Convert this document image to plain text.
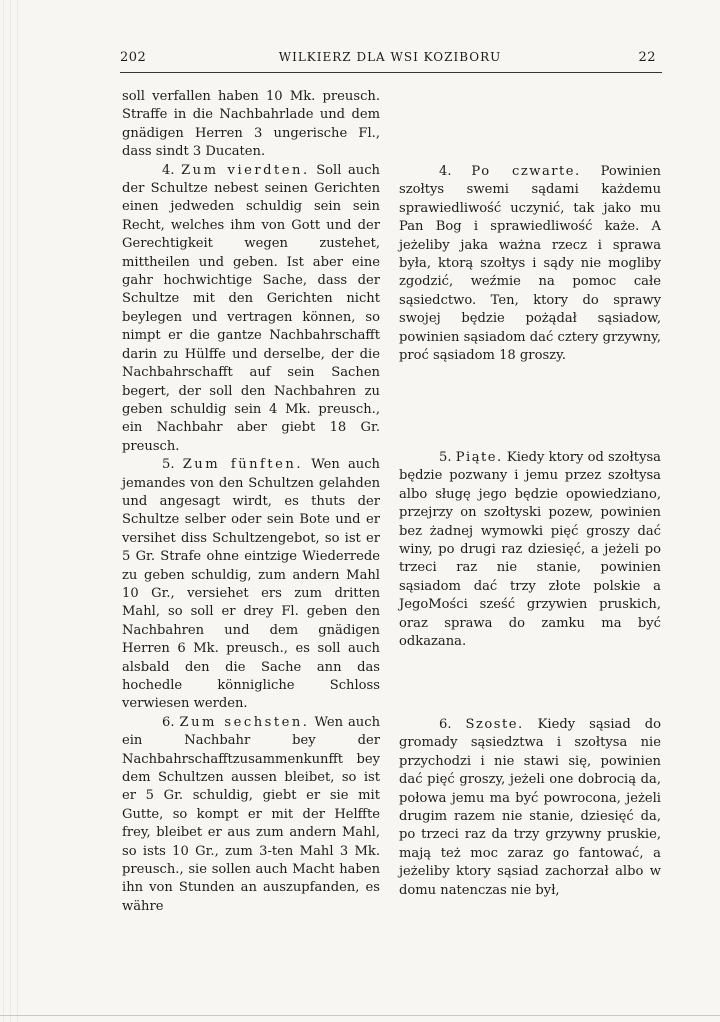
202	WILKIERZ DLA WSI KOZIBORU	22

soll verfallen haben 10 Mk. preusch. Straffe in die Nachbahrlade und dem gnädigen Herren 3 ungerische Fl., dass sindt 3 Ducaten.

4. Zum vierdten. Soll auch der Schultze nebest seinen Gerichten einen jedweden schuldig sein sein Recht, welches ihm von Gott und der Gerechtigkeit wegen zustehet, mittheilen und geben. Ist aber eine gahr hochwichtige Sache, dass der Schultze mit den Gerichten nicht beylegen und vertragen können, so nimpt er die gantze Nachbahrschafft darin zu Hülffe und derselbe, der die Nachbahrschafft auf sein Sachen begert, der soll den Nachbahren zu geben schuldig sein 4 Mk. preusch., ein Nachbahr aber giebt 18 Gr. preusch.

5. Zum fünften. Wen auch jemandes von den Schultzen gelahden und angesagt wirdt, es thuts der Schultze selber oder sein Bote und er versihet diss Schultzengebot, so ist er 5 Gr. Strafe ohne eintzige Wiederrede zu geben schuldig, zum andern Mahl 10 Gr., versiehet ers zum dritten Mahl, so soll er drey Fl. geben den Nachbahren und dem gnädigen Herren 6 Mk. preusch., es soll auch alsbald den die Sache ann das hochedle könnigliche Schloss verwiesen werden.

6. Zum sechsten. Wen auch ein Nachbahr bey der Nachbahrschafftzusammenkunfft bey dem Schultzen aussen bleibet, so ist er 5 Gr. schuldig, giebt er sie mit Gutte, so kompt er mit der Helffte frey, bleibet er aus zum andern Mahl, so ists 10 Gr., zum 3-ten Mahl 3 Mk. preusch., sie sollen auch Macht haben ihn von Stunden an auszupfanden, es währe

4. Po czwarte. Powinien szołtys swemi sądami każdemu sprawiedliwość uczynić, tak jako mu Pan Bog i sprawiedliwość każe. A jeżeliby jaka ważna rzecz i sprawa była, ktorą szołtys i sądy nie mogliby zgodzić, weźmie na pomoc całe sąsiedctwo. Ten, ktory do sprawy swojej będzie pożądał sąsiadow, powinien sąsiadom dać cztery grzywny, proć sąsiadom 18 groszy.

5. Piąte. Kiedy ktory od szołtysa będzie pozwany i jemu przez szołtysa albo sługę jego będzie opowiedziano, przejrzy on szołtyski pozew, powinien bez żadnej wymowki pięć groszy dać winy, po drugi raz dziesięć, a jeżeli po trzeci raz nie stanie, powinien sąsiadom dać trzy złote polskie a JegoMości sześć grzywien pruskich, oraz sprawa do zamku ma być odkazana.

6. Szoste. Kiedy sąsiad do gromady sąsiedztwa i szołtysa nie przychodzi i nie stawi się, powinien dać pięć groszy, jeżeli one dobrocią da, połowa jemu ma być powrocona, jeżeli drugim razem nie stanie, dziesięć da, po trzeci raz da trzy grzywny pruskie, mają też moc zaraz go fantować, a jeżeliby ktory sąsiad zachorzał albo w domu natenczas nie był,
